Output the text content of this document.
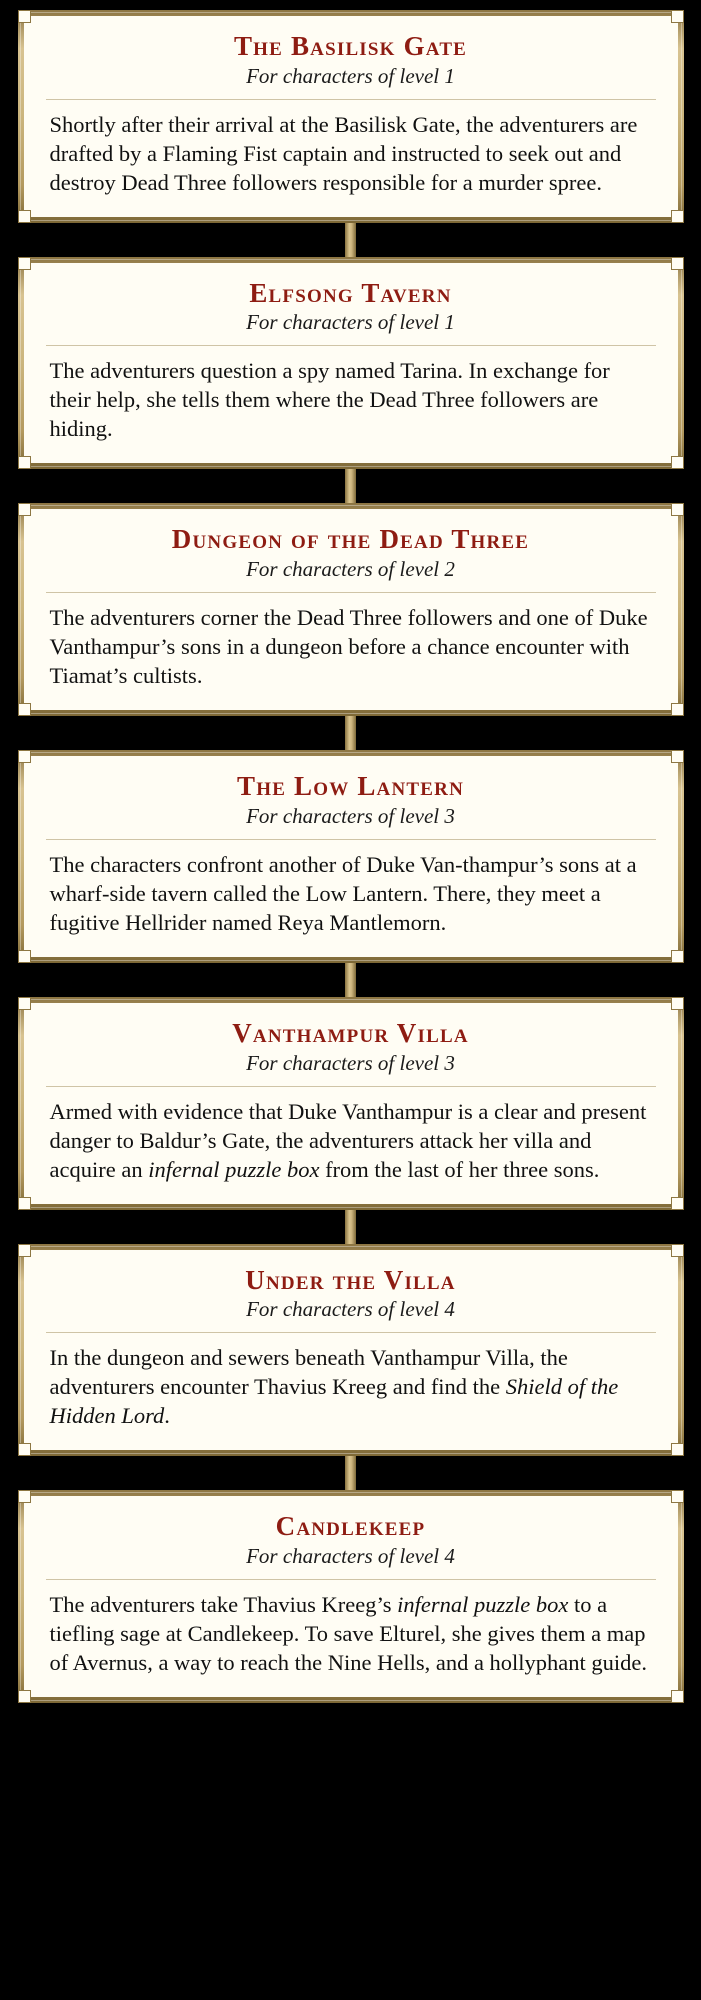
The Basilisk Gate
For characters of level 1

Shortly after their arrival at the Basilisk Gate, the adventurers are drafted by a Flaming Fist captain and instructed to seek out and destroy Dead Three followers responsible for a murder spree.

Elfsong Tavern
For characters of level 1

The adventurers question a spy named Tarina. In exchange for their help, she tells them where the Dead Three followers are hiding.

Dungeon of the Dead Three
For characters of level 2

The adventurers corner the Dead Three followers and one of Duke Vanthampur’s sons in a dungeon before a chance encounter with Tiamat’s cultists.

The Low Lantern
For characters of level 3

The characters confront another of Duke Van-thampur’s sons at a wharf-side tavern called the Low Lantern. There, they meet a fugitive Hellrider named Reya Mantlemorn.

Vanthampur Villa
For characters of level 3

Armed with evidence that Duke Vanthampur is a clear and present danger to Baldur’s Gate, the adventurers attack her villa and acquire an infernal puzzle box from the last of her three sons.

Under the Villa
For characters of level 4

In the dungeon and sewers beneath Vanthampur Villa, the adventurers encounter Thavius Kreeg and find the Shield of the Hidden Lord.

Candlekeep
For characters of level 4

The adventurers take Thavius Kreeg’s infernal puzzle box to a tiefling sage at Candlekeep. To save Elturel, she gives them a map of Avernus, a way to reach the Nine Hells, and a hollyphant guide.
